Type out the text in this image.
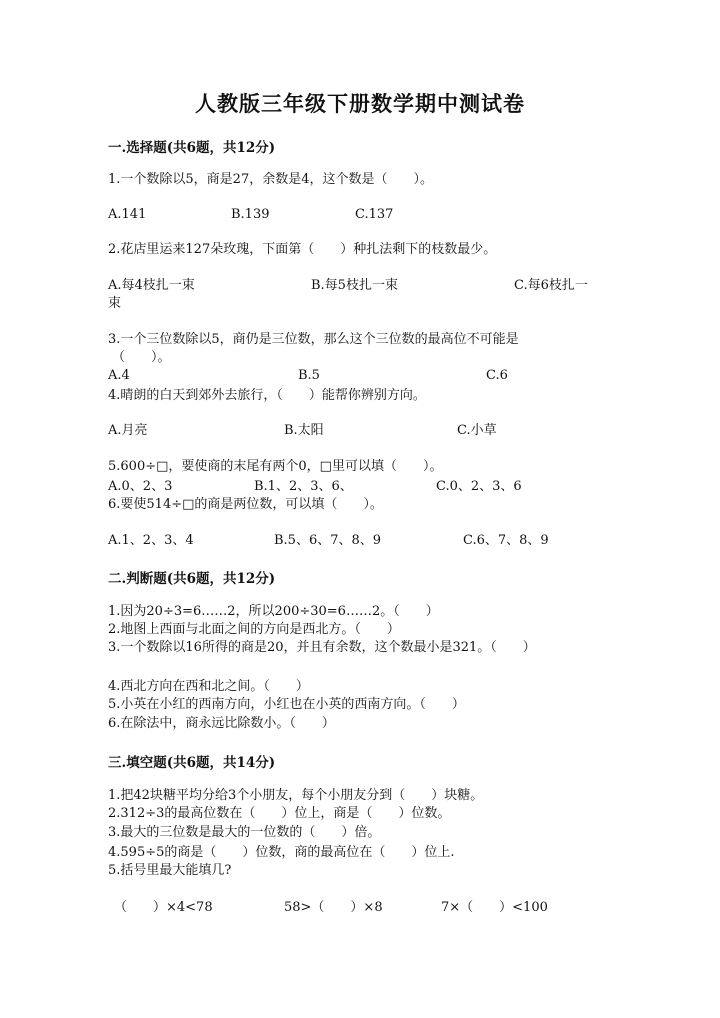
人教版三年级下册数学期中测试卷
一.选择题(共6题，共12分)
1.一个数除以5，商是27，余数是4，这个数是（　　）。
A.141	B.139	C.137
2.花店里运来127朵玫瑰，下面第（　　）种扎法剩下的枝数最少。
A.每4枝扎一束	B.每5枝扎一束	C.每6枝扎一
束
3.一个三位数除以5，商仍是三位数，那么这个三位数的最高位不可能是
（　　）。
A.4	B.5	C.6
4.晴朗的白天到郊外去旅行，（　　）能帮你辨别方向。
A.月亮	B.太阳	C.小草
5.600÷□，要使商的末尾有两个0，□里可以填（　　）。
A.0、2、3	B.1、2、3、6、	C.0、2、3、6
6.要使514÷□的商是两位数，可以填（　　）。
A.1、2、3、4	B.5、6、7、8、9	C.6、7、8、9
二.判断题(共6题，共12分)
1.因为20÷3=6……2，所以200÷30=6……2。（　　）
2.地图上西面与北面之间的方向是西北方。（　　）
3.一个数除以16所得的商是20，并且有余数，这个数最小是321。（　　）
4.西北方向在西和北之间。（　　）
5.小英在小红的西南方向，小红也在小英的西南方向。（　　）
6.在除法中，商永远比除数小。（　　）
三.填空题(共6题，共14分)
1.把42块糖平均分给3个小朋友，每个小朋友分到（　　）块糖。
2.312÷3的最高位数在（　　）位上，商是（　　）位数。
3.最大的三位数是最大的一位数的（　　）倍。
4.595÷5的商是（　　）位数，商的最高位在（　　）位上.
5.括号里最大能填几?
（　　）×4<78	58>（　　）×8	7×（　　）<100
